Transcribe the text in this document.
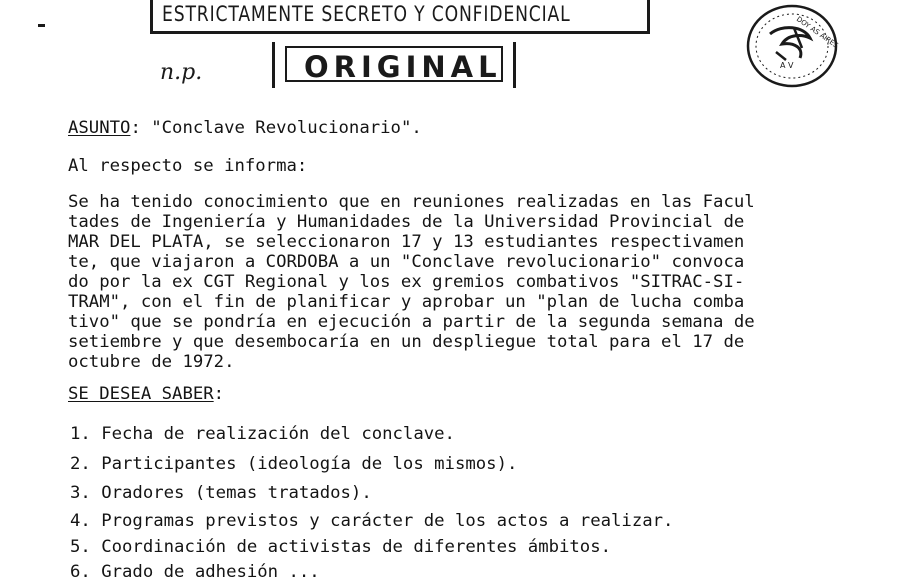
ESTRICTAMENTE SECRETO Y CONFIDENCIAL
n.p.	ORIGINAL
DOY AS AIRES
A V
ASUNTO: "Conclave Revolucionario".
Al respecto se informa:
Se ha tenido conocimiento que en reuniones realizadas en las Facul
tades de Ingeniería y Humanidades de la Universidad Provincial de
MAR DEL PLATA, se seleccionaron 17 y 13 estudiantes respectivamen
te, que viajaron a CORDOBA a un "Conclave revolucionario" convoca
do por la ex CGT Regional y los ex gremios combativos "SITRAC-SI-
TRAM", con el fin de planificar y aprobar un "plan de lucha comba
tivo" que se pondría en ejecución a partir de la segunda semana de
setiembre y que desembocaría en un despliegue total para el 17 de
octubre de 1972.
SE DESEA SABER:
1. Fecha de realización del conclave.
2. Participantes (ideología de los mismos).
3. Oradores (temas tratados).
4. Programas previstos y carácter de los actos a realizar.
5. Coordinación de activistas de diferentes ámbitos.
6. Grado de adhesión ...
